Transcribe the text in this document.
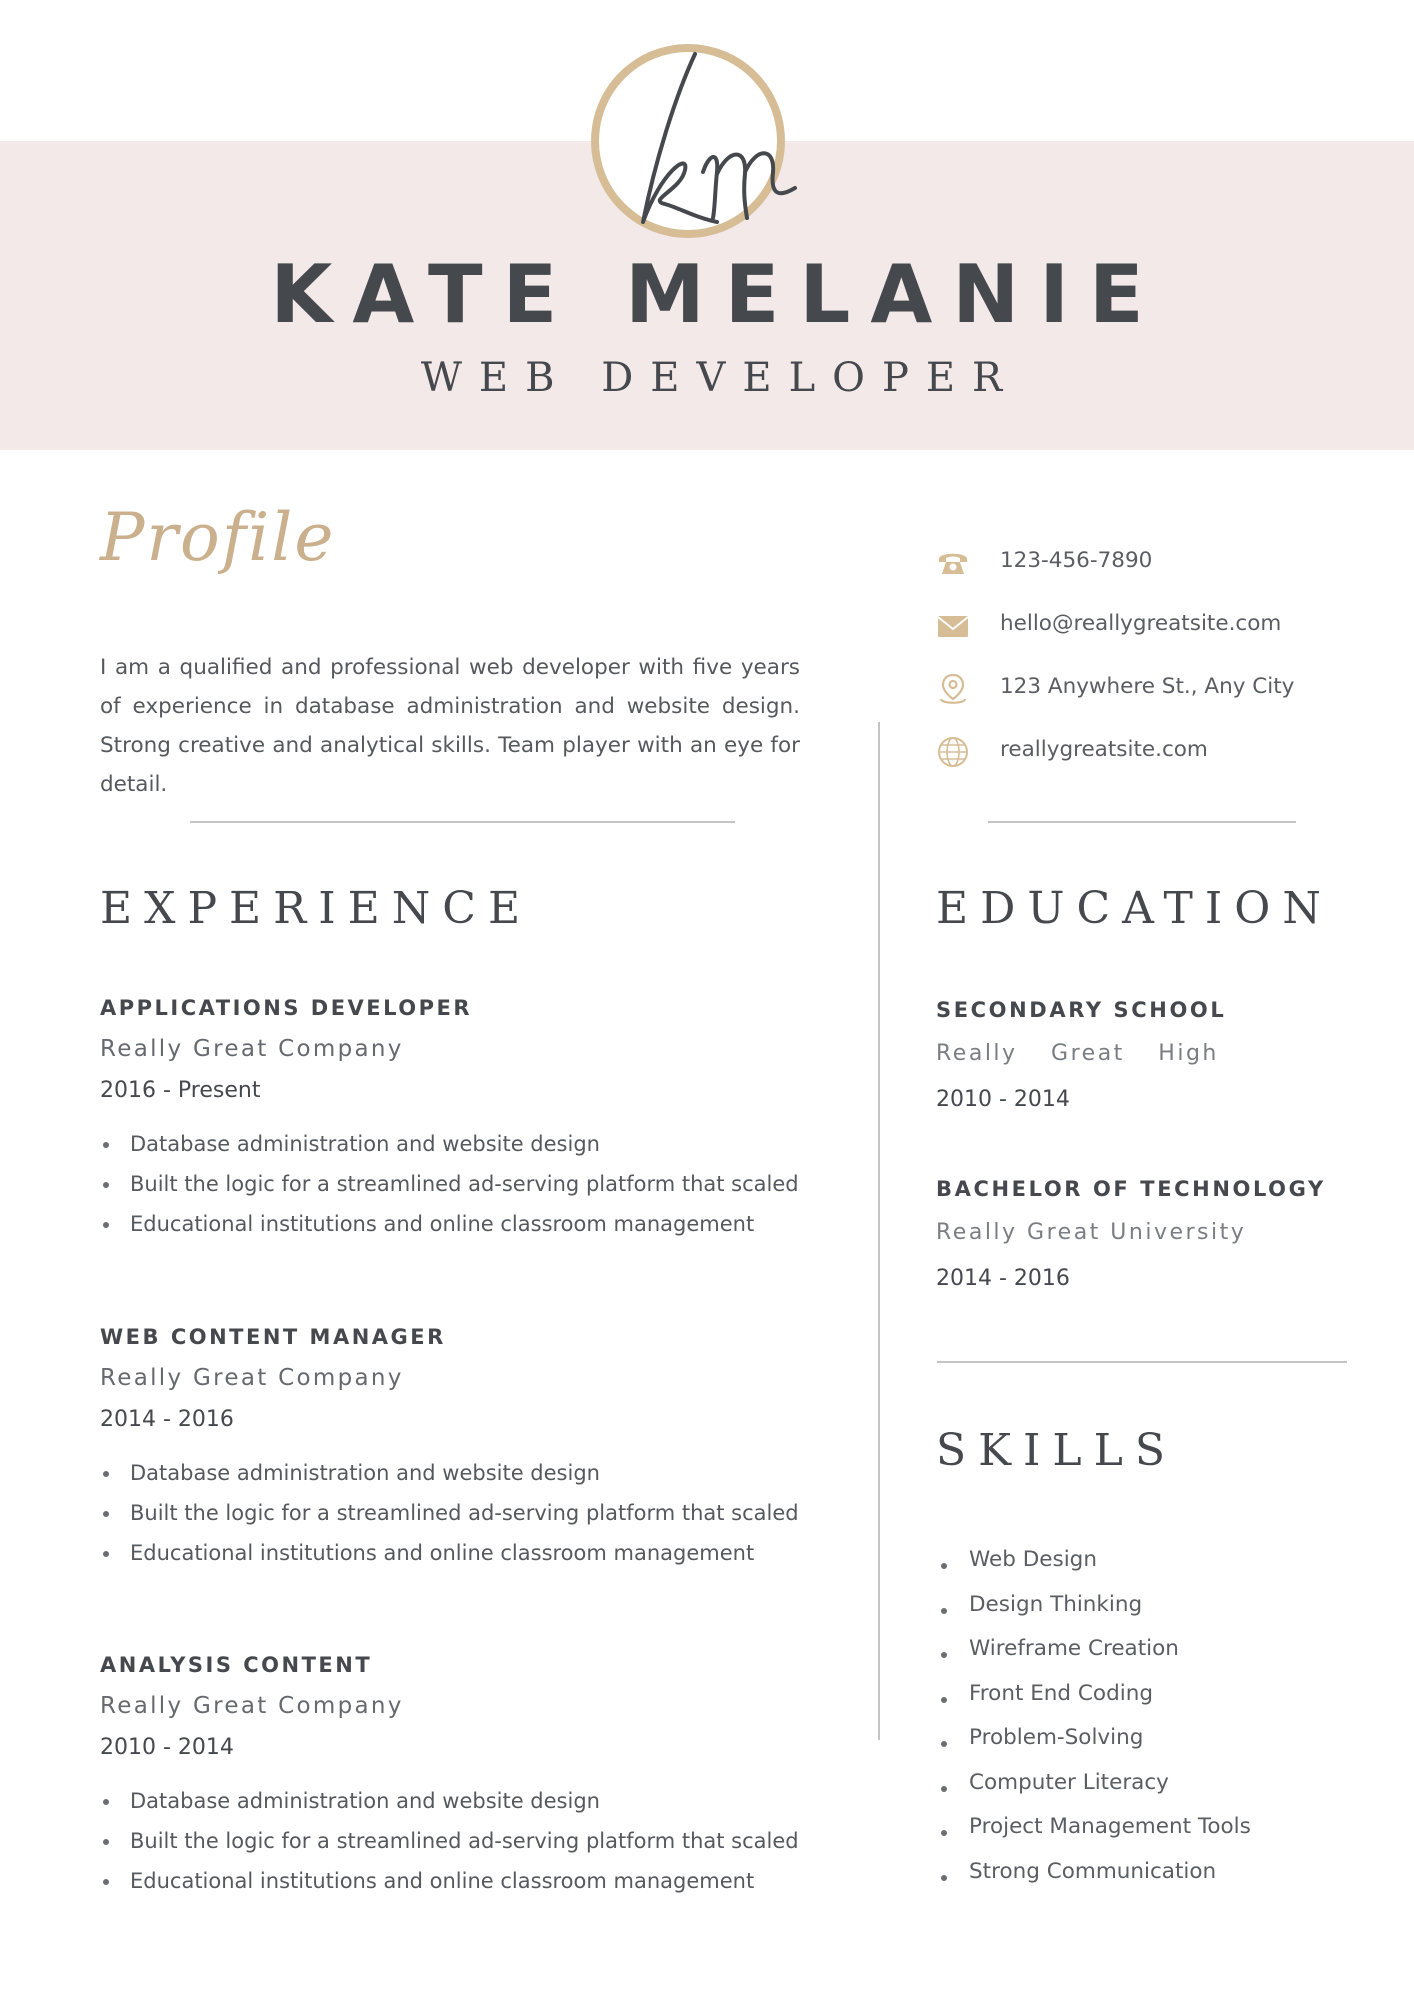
KATE MELANIE
WEB DEVELOPER
Profile
I am a qualified and professional web developer with five years of experience in database administration and website design. Strong creative and analytical skills. Team player with an eye for detail.
123-456-7890
hello@reallygreatsite.com
123 Anywhere St., Any City
reallygreatsite.com
EXPERIENCE
APPLICATIONS DEVELOPER
Really Great Company
2016 - Present
Database administration and website design
Built the logic for a streamlined ad-serving platform that scaled
Educational institutions and online classroom management
WEB CONTENT MANAGER
Really Great Company
2014 - 2016
Database administration and website design
Built the logic for a streamlined ad-serving platform that scaled
Educational institutions and online classroom management
ANALYSIS CONTENT
Really Great Company
2010 - 2014
Database administration and website design
Built the logic for a streamlined ad-serving platform that scaled
Educational institutions and online classroom management
EDUCATION
SECONDARY SCHOOL
Really Great High
2010 - 2014
BACHELOR OF TECHNOLOGY
Really Great University
2014 - 2016
SKILLS
Web Design
Design Thinking
Wireframe Creation
Front End Coding
Problem-Solving
Computer Literacy
Project Management Tools
Strong Communication
